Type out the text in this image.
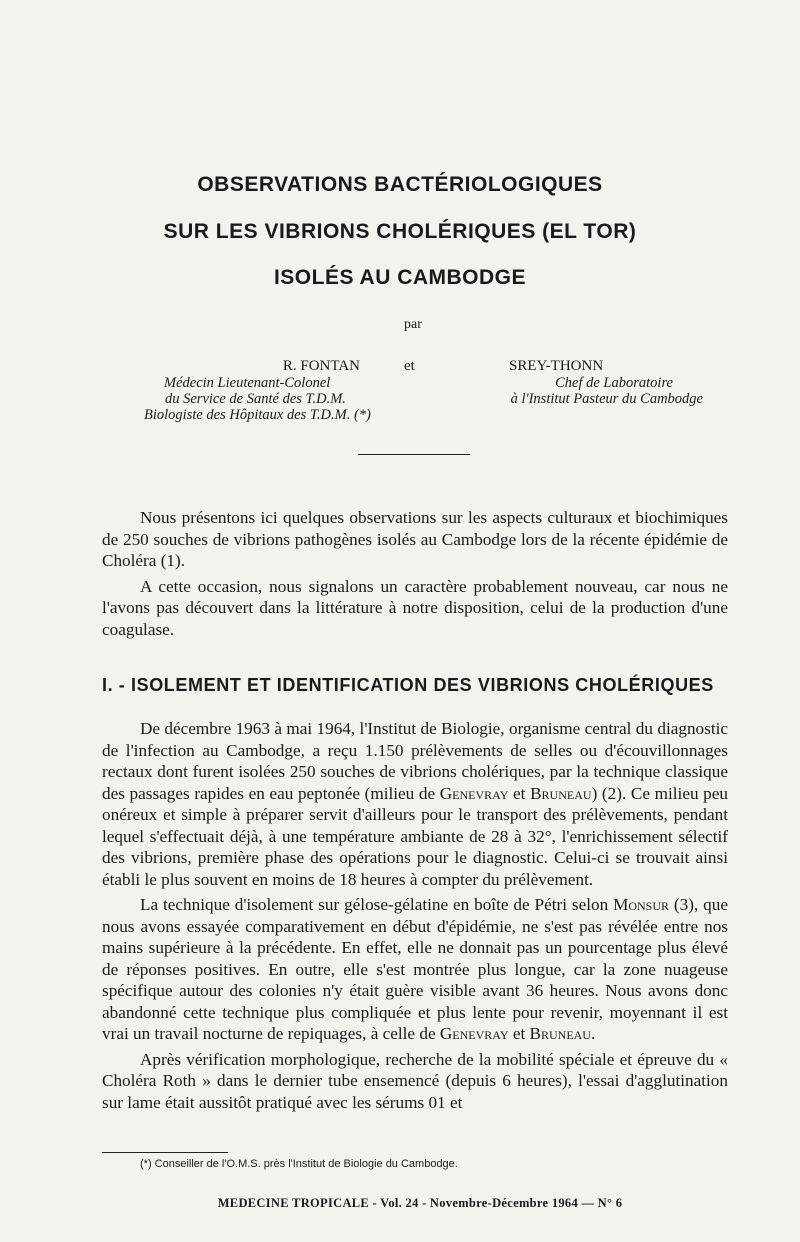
OBSERVATIONS BACTÉRIOLOGIQUES
SUR LES VIBRIONS CHOLÉRIQUES (EL TOR)
ISOLÉS AU CAMBODGE
par
R. FONTAN
Médecin Lieutenant-Colonel
du Service de Santé des T.D.M.
Biologiste des Hôpitaux des T.D.M. (*)
et	SREY-THONN
Chef de Laboratoire
à l'Institut Pasteur du Cambodge

Nous présentons ici quelques observations sur les aspects culturaux et biochimiques de 250 souches de vibrions pathogènes isolés au Cambodge lors de la récente épidémie de Choléra (1).

A cette occasion, nous signalons un caractère probablement nouveau, car nous ne l'avons pas découvert dans la littérature à notre disposition, celui de la production d'une coagulase.

I. - ISOLEMENT ET IDENTIFICATION DES VIBRIONS CHOLÉRIQUES

De décembre 1963 à mai 1964, l'Institut de Biologie, organisme central du diagnostic de l'infection au Cambodge, a reçu 1.150 prélèvements de selles ou d'écouvillonnages rectaux dont furent isolées 250 souches de vibrions cholériques, par la technique classique des passages rapides en eau peptonée (milieu de Genevray et Bruneau) (2). Ce milieu peu onéreux et simple à préparer servit d'ailleurs pour le transport des prélèvements, pendant lequel s'effectuait déjà, à une température ambiante de 28 à 32°, l'enrichissement sélectif des vibrions, première phase des opérations pour le diagnostic. Celui-ci se trouvait ainsi établi le plus souvent en moins de 18 heures à compter du prélèvement.

La technique d'isolement sur gélose-gélatine en boîte de Pétri selon Monsur (3), que nous avons essayée comparativement en début d'épidémie, ne s'est pas révélée entre nos mains supérieure à la précédente. En effet, elle ne donnait pas un pourcentage plus élevé de réponses positives. En outre, elle s'est montrée plus longue, car la zone nuageuse spécifique autour des colonies n'y était guère visible avant 36 heures. Nous avons donc abandonné cette technique plus compliquée et plus lente pour revenir, moyennant il est vrai un travail nocturne de repiquages, à celle de Genevray et Bruneau.

Après vérification morphologique, recherche de la mobilité spéciale et épreuve du « Choléra Roth » dans le dernier tube ensemencé (depuis 6 heures), l'essai d'agglutination sur lame était aussitôt pratiqué avec les sérums 01 et

(*) Conseiller de l'O.M.S. près l'Institut de Biologie du Cambodge.
MEDECINE TROPICALE - Vol. 24 - Novembre-Décembre 1964 — N° 6
